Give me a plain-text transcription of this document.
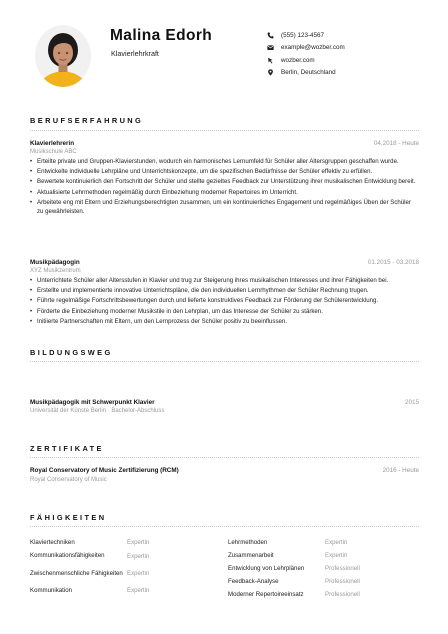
Malina Edorh
Klavierlehrkraft
(555) 123-4567
example@wozber.com
wozber.com
Berlin, Deutschland
BERUFSERFAHRUNG
Klavierlehrerin	04.2018 - Heute
Musikschule ABC
• Erteilte private und Gruppen-Klavierstunden, wodurch ein harmonisches Lernumfeld für Schüler aller Altersgruppen geschaffen wurde.
• Entwickelte individuelle Lehrpläne und Unterrichtskonzepte, um die spezifischen Bedürfnisse der Schüler effektiv zu erfüllen.
• Bewertete kontinuierlich den Fortschritt der Schüler und stellte gezieltes Feedback zur Unterstützung ihrer musikalischen Entwicklung bereit.
• Aktualisierte Lehrmethoden regelmäßig durch Einbeziehung moderner Repertoires im Unterricht.
• Arbeitete eng mit Eltern und Erziehungsberechtigten zusammen, um ein kontinuierliches Engagement und regelmäßiges Üben der Schüler zu gewährleisten.
Musikpädagogin	01.2015 - 03.2018
XYZ Musikzentrum
• Unterrichtete Schüler aller Altersstufen in Klavier und trug zur Steigerung ihres musikalischen Interesses und ihrer Fähigkeiten bei.
• Erstellte und implementierte innovative Unterrichtspläne, die den individuellen Lernrhythmen der Schüler Rechnung trugen.
• Führte regelmäßige Fortschrittsbewertungen durch und lieferte konstruktives Feedback zur Förderung der Schülerentwicklung.
• Förderte die Einbeziehung moderner Musikstile in den Lehrplan, um das Interesse der Schüler zu stärken.
• Initiierte Partnerschaften mit Eltern, um den Lernprozess der Schüler positiv zu beeinflussen.
BILDUNGSWEG
Musikpädagogik mit Schwerpunkt Klavier	2015
Universität der Künste Berlin · Bachelor-Abschluss
ZERTIFIKATE
Royal Conservatory of Music Zertifizierung (RCM)	2016 - Heute
Royal Conservatory of Music
FÄHIGKEITEN
Klaviertechniken	Expertin
Kommunikationsfähigkeiten	Expertin
Zwischenmenschliche Fähigkeiten Expertin
Kommunikation	Expertin
Lehrmethoden	Expertin
Zusammenarbeit	Expertin
Entwicklung von Lehrplänen	Professionell
Feedback-Analyse	Professionell
Moderner Repertoireeinsatz	Professionell
